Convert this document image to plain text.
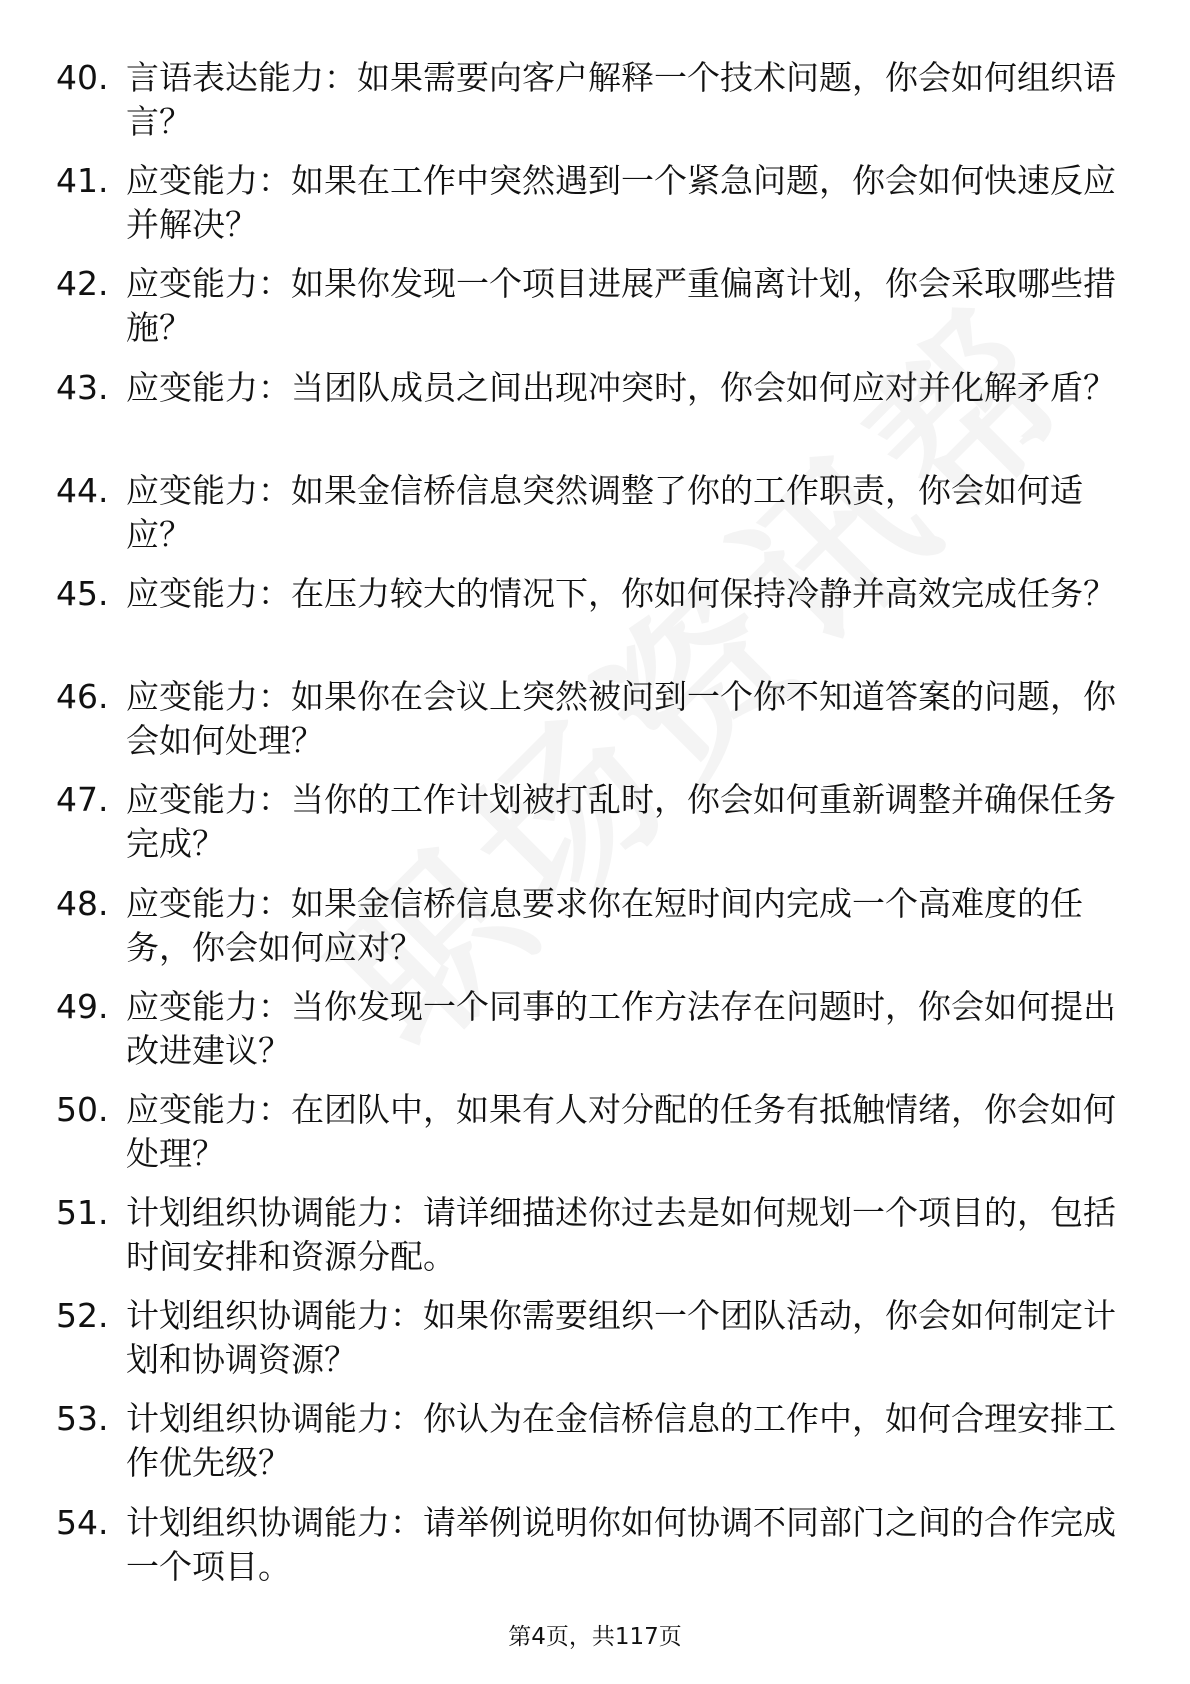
40. 言语表达能力：如果需要向客户解释一个技术问题，你会如何组织语言？
41. 应变能力：如果在工作中突然遇到一个紧急问题，你会如何快速反应并解决？
42. 应变能力：如果你发现一个项目进展严重偏离计划，你会采取哪些措施？
43. 应变能力：当团队成员之间出现冲突时，你会如何应对并化解矛盾？
44. 应变能力：如果金信桥信息突然调整了你的工作职责，你会如何适应？
45. 应变能力：在压力较大的情况下，你如何保持冷静并高效完成任务？
46. 应变能力：如果你在会议上突然被问到一个你不知道答案的问题，你会如何处理？
47. 应变能力：当你的工作计划被打乱时，你会如何重新调整并确保任务完成？
48. 应变能力：如果金信桥信息要求你在短时间内完成一个高难度的任务，你会如何应对？
49. 应变能力：当你发现一个同事的工作方法存在问题时，你会如何提出改进建议？
50. 应变能力：在团队中，如果有人对分配的任务有抵触情绪，你会如何处理？
51. 计划组织协调能力：请详细描述你过去是如何规划一个项目的，包括时间安排和资源分配。
52. 计划组织协调能力：如果你需要组织一个团队活动，你会如何制定计划和协调资源？
53. 计划组织协调能力：你认为在金信桥信息的工作中，如何合理安排工作优先级？
54. 计划组织协调能力：请举例说明你如何协调不同部门之间的合作完成一个项目。
第4页，共117页
